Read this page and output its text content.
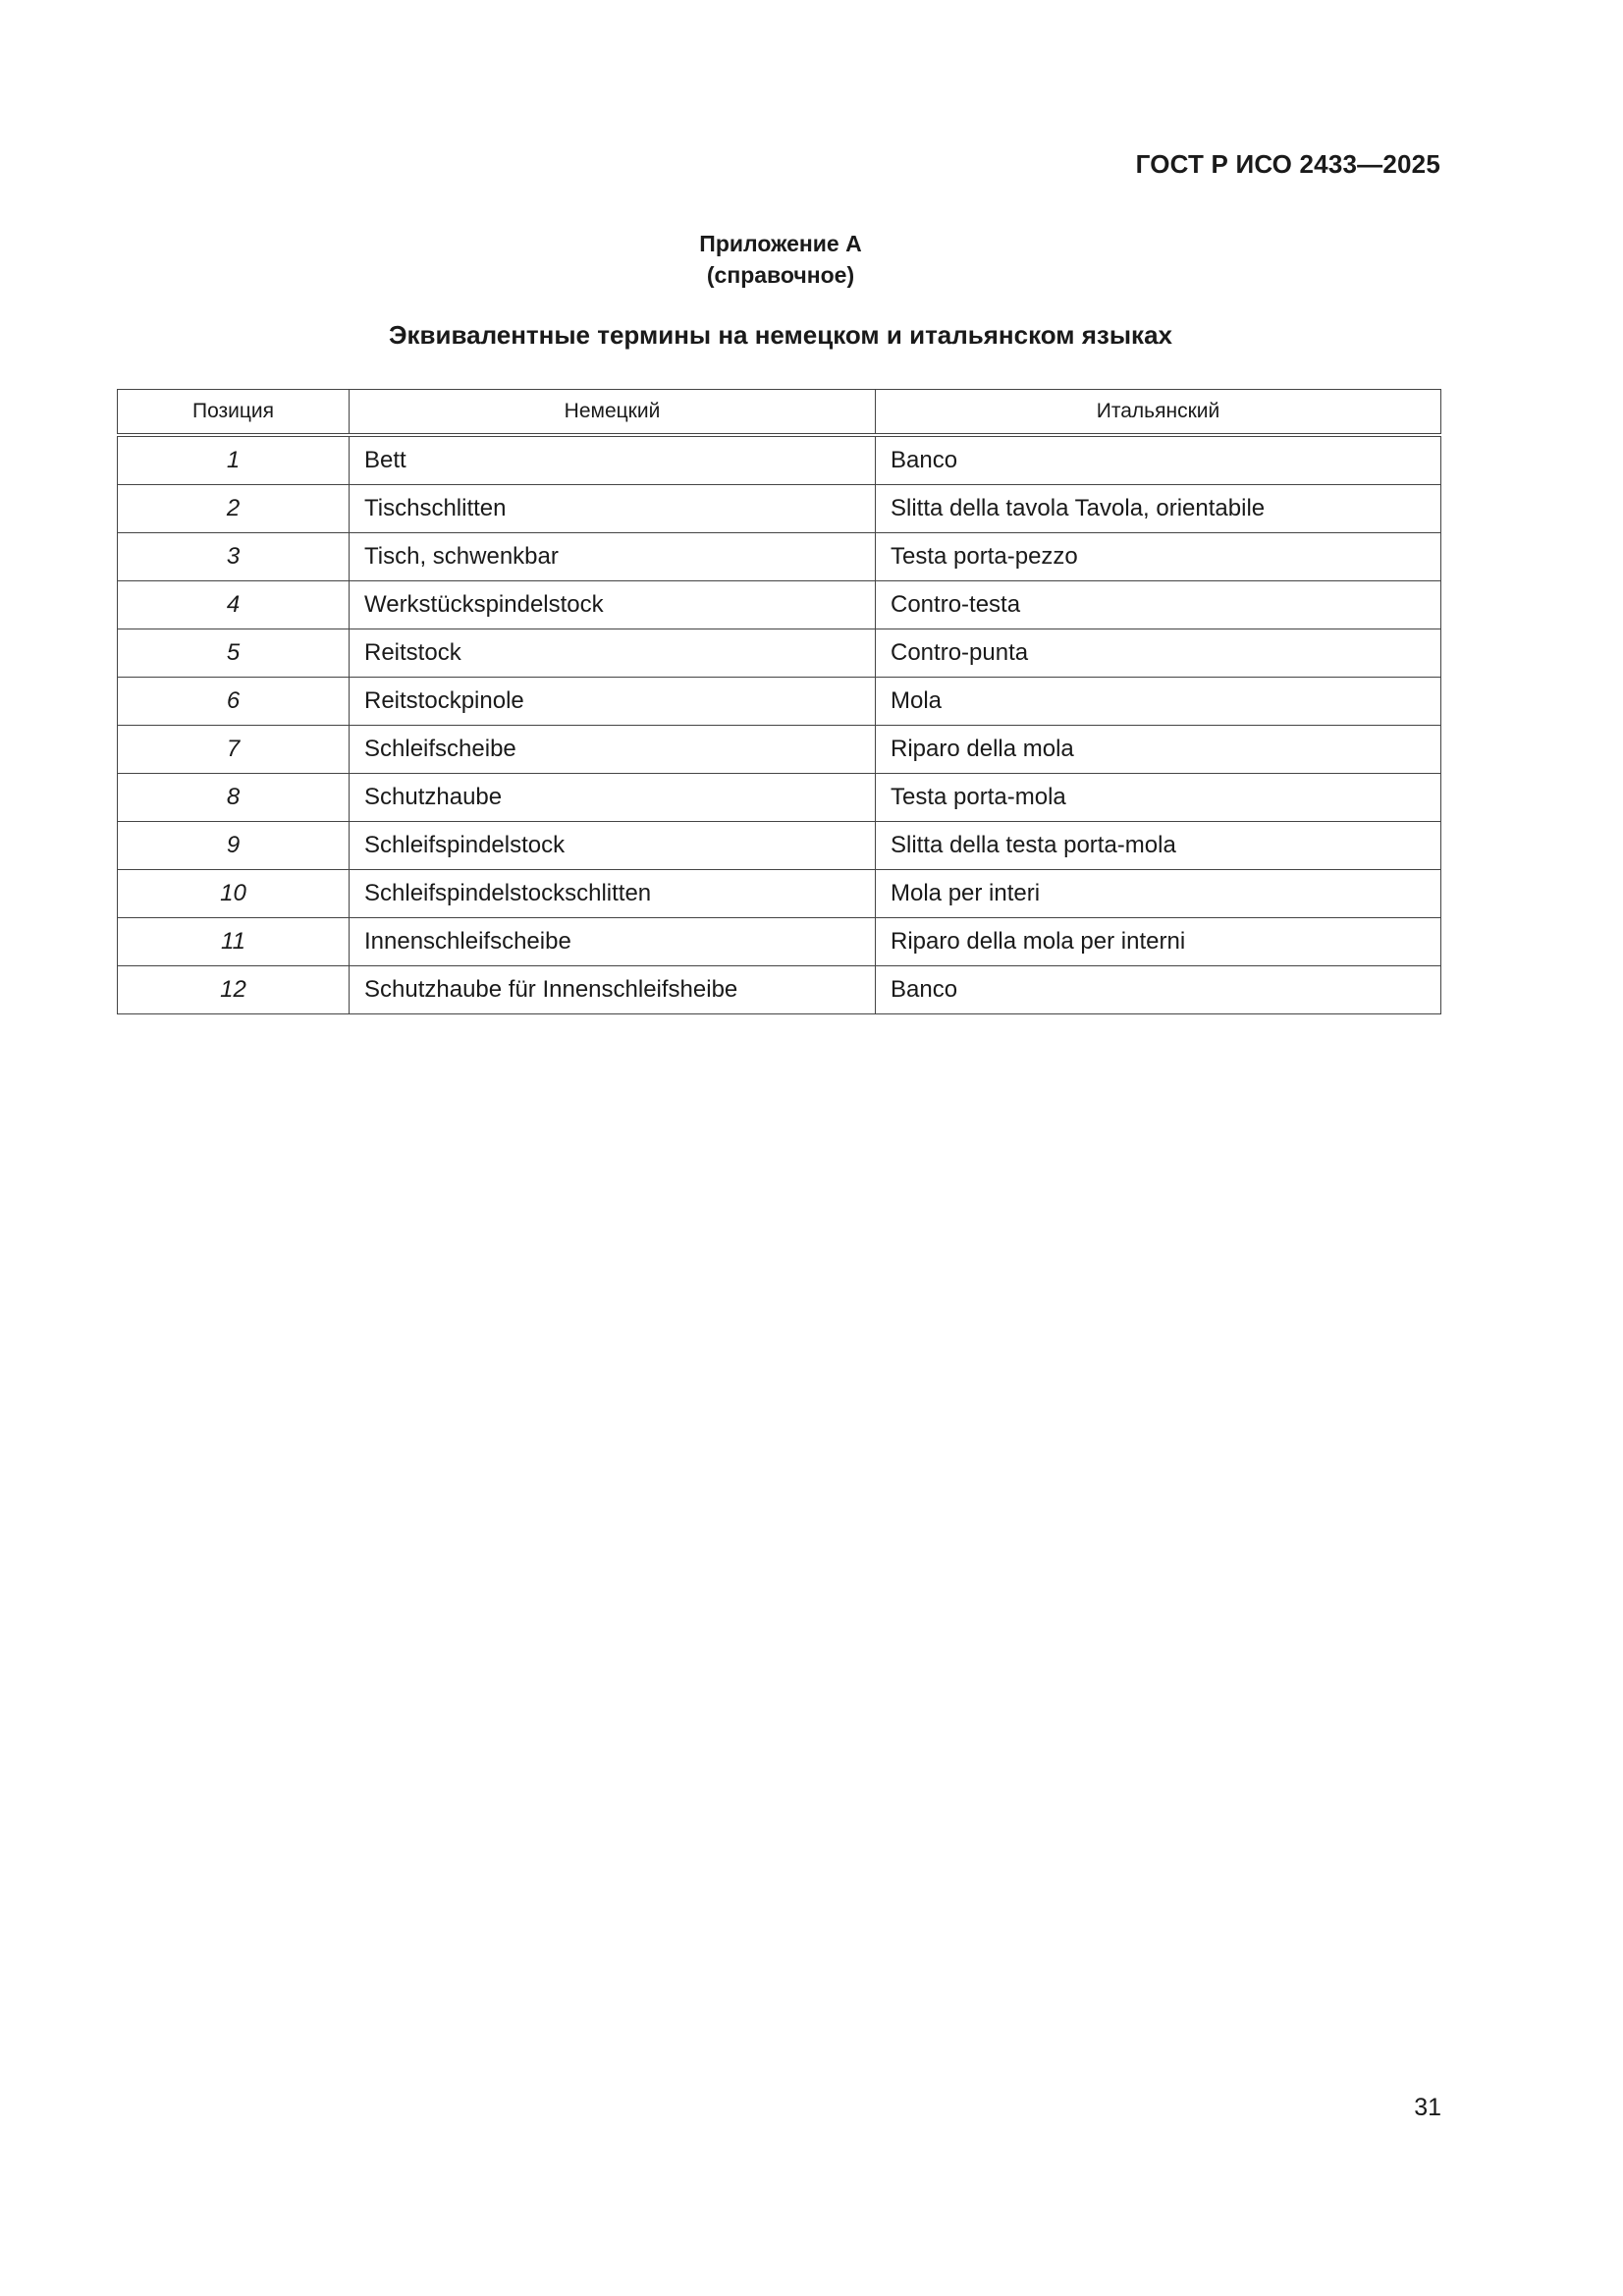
ГОСТ Р ИСО 2433—2025
Приложение А
(справочное)
Эквивалентные термины на немецком и итальянском языках
Позиция	Немецкий	Итальянский
1	Bett	Banco
2	Tischschlitten	Slitta della tavola Tavola, orientabile
3	Tisch, schwenkbar	Testa porta-pezzo
4	Werkstückspindelstock	Contro-testa
5	Reitstock	Contro-punta
6	Reitstockpinole	Mola
7	Schleifscheibe	Riparo della mola
8	Schutzhaube	Testa porta-mola
9	Schleifspindelstock	Slitta della testa porta-mola
10	Schleifspindelstockschlitten	Mola per interi
11	Innenschleifscheibe	Riparo della mola per interni
12	Schutzhaube für Innenschleifsheibe	Banco
31
